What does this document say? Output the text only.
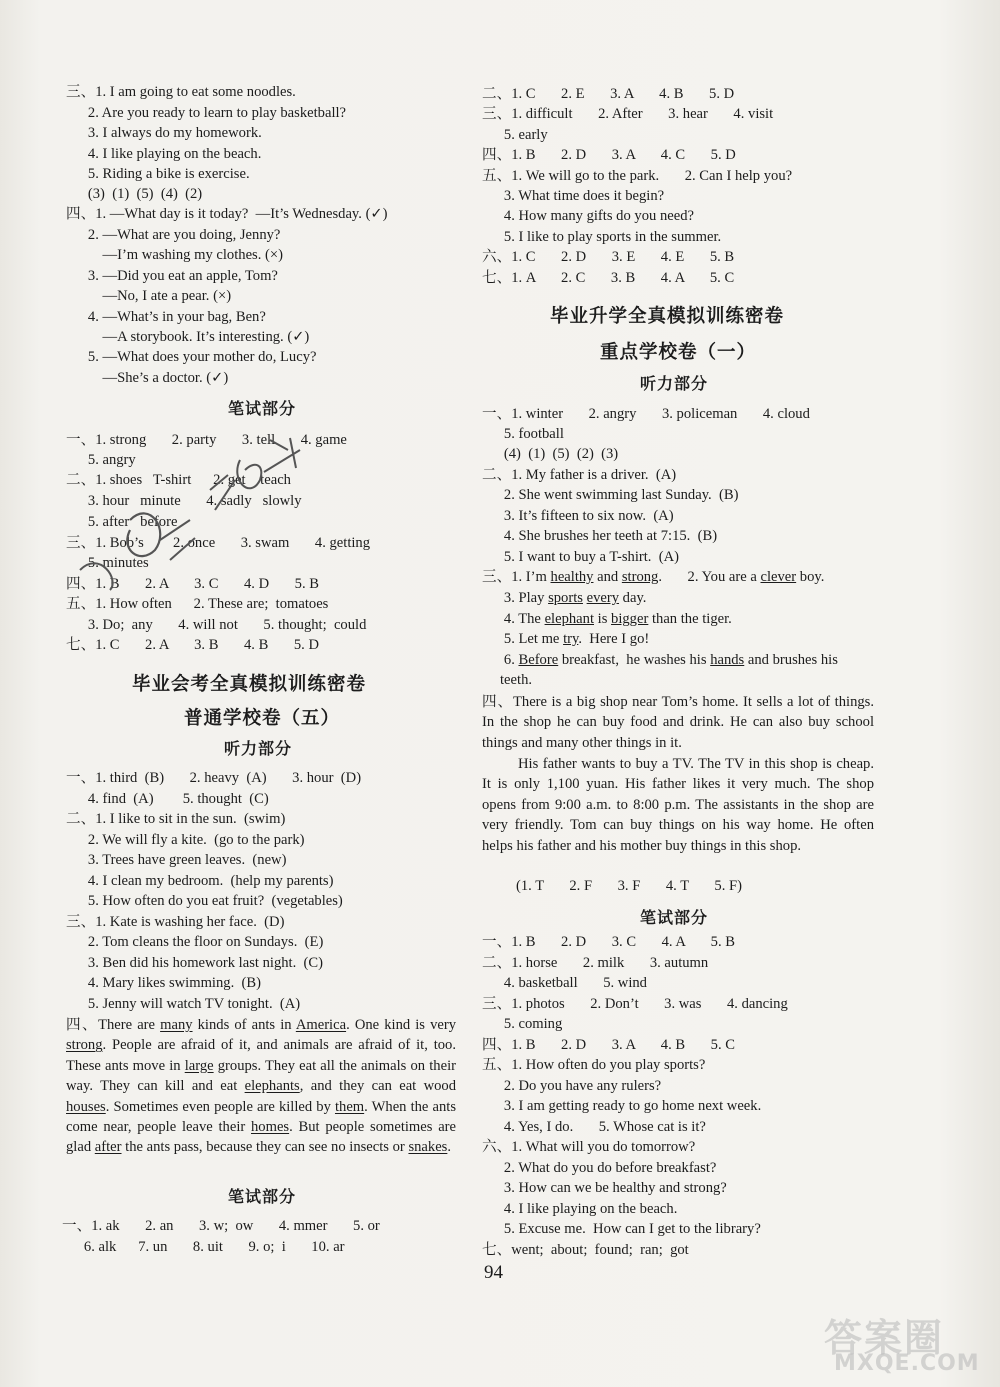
三、1. I am going to eat some noodles.
2. Are you ready to learn to play basketball?
3. I always do my homework.
4. I like playing on the beach.
5. Riding a bike is exercise.
(3)  (1)  (5)  (4)  (2)
四、1. —What day is it today?  —It’s Wednesday. (✓)
2. —What are you doing, Jenny?
—I’m washing my clothes. (×)
3. —Did you eat an apple, Tom?
—No, I ate a pear. (×)
4. —What’s in your bag, Ben?
—A storybook. It’s interesting. (✓)
5. —What does your mother do, Lucy?
—She’s a doctor. (✓)
笔试部分
一、1. strong       2. party       3. tell       4. game
5. angry
二、1. shoes   T-shirt      2. get    teach
3. hour   minute       4. sadly   slowly
5. after   before
三、1. Bob’s        2. once       3. swam       4. getting
5. minutes
四、1. B       2. A       3. C       4. D       5. B
五、1. How often      2. These are;  tomatoes
3. Do;  any       4. will not       5. thought;  could
七、1. C       2. A       3. B       4. B       5. D
毕业会考全真模拟训练密卷
普通学校卷（五）
听力部分
一、1. third  (B)       2. heavy  (A)       3. hour  (D)
4. find  (A)        5. thought  (C)
二、1. I like to sit in the sun.  (swim)
2. We will fly a kite.  (go to the park)
3. Trees have green leaves.  (new)
4. I clean my bedroom.  (help my parents)
5. How often do you eat fruit?  (vegetables)
三、1. Kate is washing her face.  (D)
2. Tom cleans the floor on Sundays.  (E)
3. Ben did his homework last night.  (C)
4. Mary likes swimming.  (B)
5. Jenny will watch TV tonight.  (A)
四、There are many kinds of ants in America. One kind is very strong. People are afraid of it, and animals are afraid of it, too. These ants move in large groups. They eat all the animals on their way. They can kill and eat elephants, and they can eat wood houses. Sometimes even people are killed by them. When the ants come near, people leave their homes. But people sometimes are glad after the ants pass, because they can see no insects or snakes.
笔试部分
一、1. ak       2. an       3. w;  ow       4. mmer       5. or
6. alk      7. un       8. uit       9. o;  i       10. ar
二、1. C       2. E       3. A       4. B       5. D
三、1. difficult       2. After       3. hear       4. visit
5. early
四、1. B       2. D       3. A       4. C       5. D
五、1. We will go to the park.       2. Can I help you?
3. What time does it begin?
4. How many gifts do you need?
5. I like to play sports in the summer.
六、1. C       2. D       3. E       4. E       5. B
七、1. A       2. C       3. B       4. A       5. C
毕业升学全真模拟训练密卷
重点学校卷（一）
听力部分
一、1. winter       2. angry       3. policeman       4. cloud
5. football
(4)  (1)  (5)  (2)  (3)
二、1. My father is a driver.  (A)
2. She went swimming last Sunday.  (B)
3. It’s fifteen to six now.  (A)
4. She brushes her teeth at 7:15.  (B)
5. I want to buy a T-shirt.  (A)
三、1. I’m healthy and strong.       2. You are a clever boy.
3. Play sports every day.
4. The elephant is bigger than the tiger.
5. Let me try.  Here I go!
6. Before breakfast,  he washes his hands and brushes his
teeth.
四、There is a big shop near Tom’s home. It sells a lot of things. In the shop he can buy food and drink. He can also buy school things and many other things in it.
His father wants to buy a TV. The TV in this shop is cheap. It is only 1,100 yuan. His father likes it very much. The shop opens from 9:00 a.m. to 8:00 p.m. The assistants in the shop are very friendly. Tom can buy things on his way home. He often helps his father and his mother buy things in this shop.
(1. T       2. F       3. F       4. T       5. F)
笔试部分
一、1. B       2. D       3. C       4. A       5. B
二、1. horse       2. milk       3. autumn
4. basketball       5. wind
三、1. photos       2. Don’t       3. was       4. dancing
5. coming
四、1. B       2. D       3. A       4. B       5. C
五、1. How often do you play sports?
2. Do you have any rulers?
3. I am getting ready to go home next week.
4. Yes, I do.       5. Whose cat is it?
六、1. What will you do tomorrow?
2. What do you do before breakfast?
3. How can we be healthy and strong?
4. I like playing on the beach.
5. Excuse me.  How can I get to the library?
七、went;  about;  found;  ran;  got
94
答案圈
MXQE.COM
